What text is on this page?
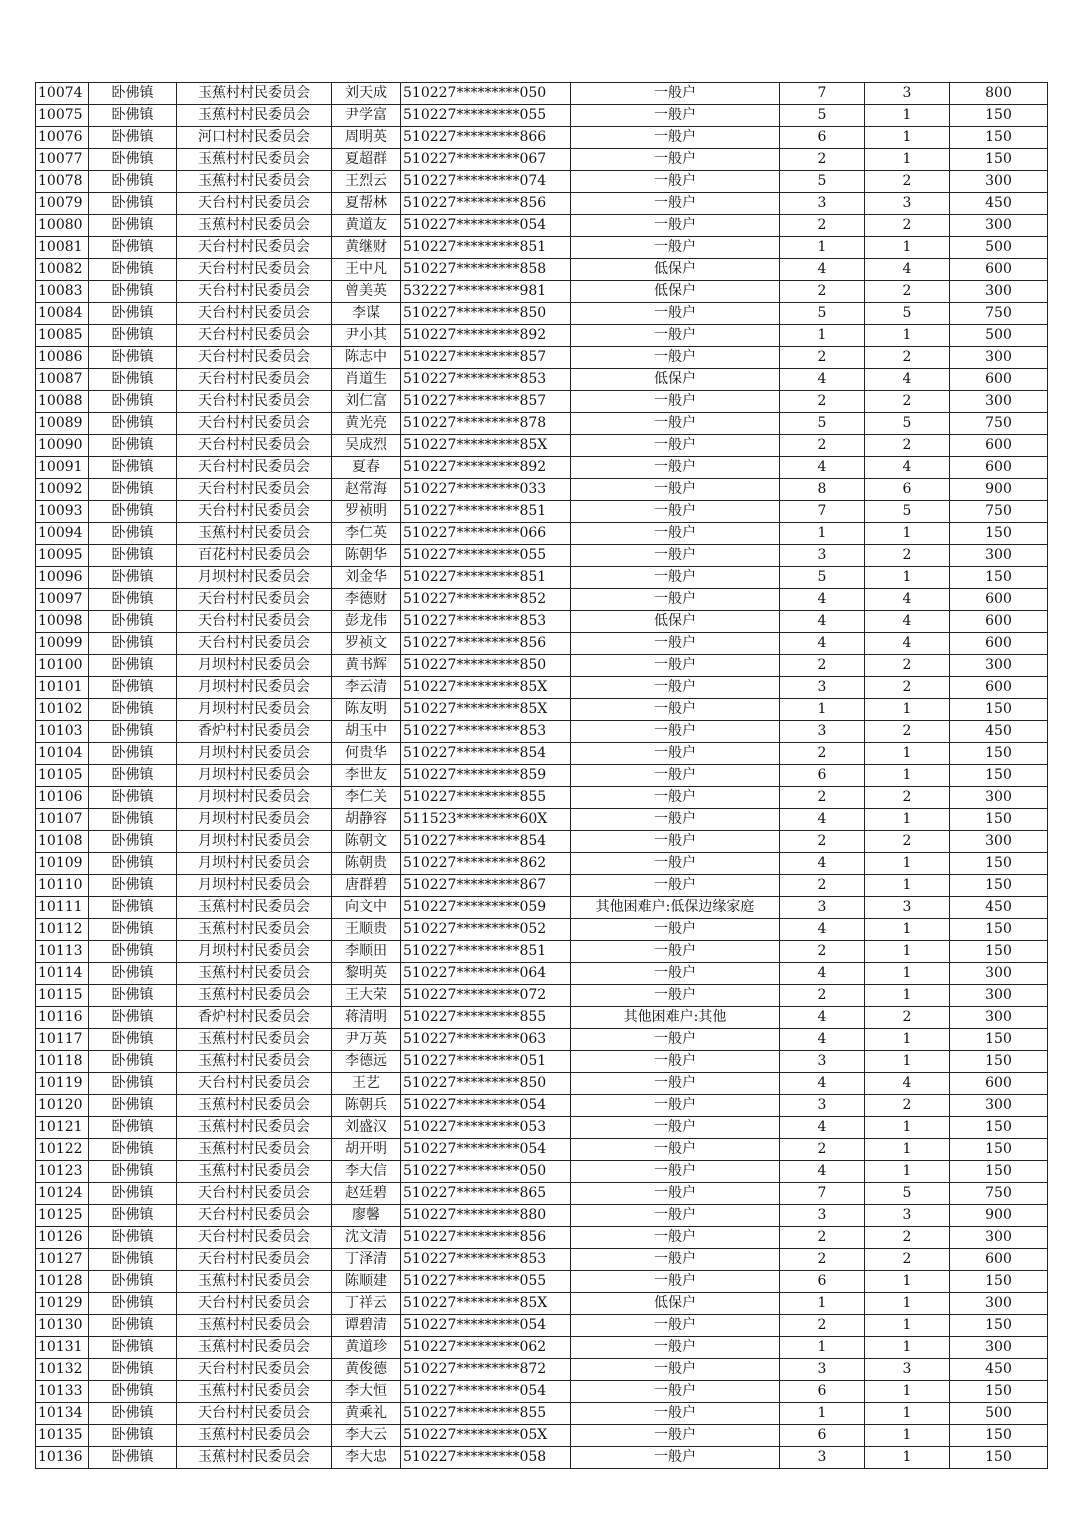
10074	卧佛镇	玉蕉村村民委员会	刘天成	510227*********050	一般户	7	3	800
10075	卧佛镇	玉蕉村村民委员会	尹学富	510227*********055	一般户	5	1	150
10076	卧佛镇	河口村村民委员会	周明英	510227*********866	一般户	6	1	150
10077	卧佛镇	玉蕉村村民委员会	夏超群	510227*********067	一般户	2	1	150
10078	卧佛镇	玉蕉村村民委员会	王烈云	510227*********074	一般户	5	2	300
10079	卧佛镇	天台村村民委员会	夏帮林	510227*********856	一般户	3	3	450
10080	卧佛镇	玉蕉村村民委员会	黄道友	510227*********054	一般户	2	2	300
10081	卧佛镇	天台村村民委员会	黄继财	510227*********851	一般户	1	1	500
10082	卧佛镇	天台村村民委员会	王中凡	510227*********858	低保户	4	4	600
10083	卧佛镇	天台村村民委员会	曾美英	532227*********981	低保户	2	2	300
10084	卧佛镇	天台村村民委员会	李谋	510227*********850	一般户	5	5	750
10085	卧佛镇	天台村村民委员会	尹小其	510227*********892	一般户	1	1	500
10086	卧佛镇	天台村村民委员会	陈志中	510227*********857	一般户	2	2	300
10087	卧佛镇	天台村村民委员会	肖道生	510227*********853	低保户	4	4	600
10088	卧佛镇	天台村村民委员会	刘仁富	510227*********857	一般户	2	2	300
10089	卧佛镇	天台村村民委员会	黄光亮	510227*********878	一般户	5	5	750
10090	卧佛镇	天台村村民委员会	吴成烈	510227*********85X	一般户	2	2	600
10091	卧佛镇	天台村村民委员会	夏春	510227*********892	一般户	4	4	600
10092	卧佛镇	天台村村民委员会	赵常海	510227*********033	一般户	8	6	900
10093	卧佛镇	天台村村民委员会	罗祯明	510227*********851	一般户	7	5	750
10094	卧佛镇	玉蕉村村民委员会	李仁英	510227*********066	一般户	1	1	150
10095	卧佛镇	百花村村民委员会	陈朝华	510227*********055	一般户	3	2	300
10096	卧佛镇	月坝村村民委员会	刘金华	510227*********851	一般户	5	1	150
10097	卧佛镇	天台村村民委员会	李德财	510227*********852	一般户	4	4	600
10098	卧佛镇	天台村村民委员会	彭龙伟	510227*********853	低保户	4	4	600
10099	卧佛镇	天台村村民委员会	罗祯文	510227*********856	一般户	4	4	600
10100	卧佛镇	月坝村村民委员会	黄书辉	510227*********850	一般户	2	2	300
10101	卧佛镇	月坝村村民委员会	李云清	510227*********85X	一般户	3	2	600
10102	卧佛镇	月坝村村民委员会	陈友明	510227*********85X	一般户	1	1	150
10103	卧佛镇	香炉村村民委员会	胡玉中	510227*********853	一般户	3	2	450
10104	卧佛镇	月坝村村民委员会	何贵华	510227*********854	一般户	2	1	150
10105	卧佛镇	月坝村村民委员会	李世友	510227*********859	一般户	6	1	150
10106	卧佛镇	月坝村村民委员会	李仁关	510227*********855	一般户	2	2	300
10107	卧佛镇	月坝村村民委员会	胡静容	511523*********60X	一般户	4	1	150
10108	卧佛镇	月坝村村民委员会	陈朝文	510227*********854	一般户	2	2	300
10109	卧佛镇	月坝村村民委员会	陈朝贵	510227*********862	一般户	4	1	150
10110	卧佛镇	月坝村村民委员会	唐群碧	510227*********867	一般户	2	1	150
10111	卧佛镇	玉蕉村村民委员会	向文中	510227*********059	其他困难户:低保边缘家庭	3	3	450
10112	卧佛镇	玉蕉村村民委员会	王顺贵	510227*********052	一般户	4	1	150
10113	卧佛镇	月坝村村民委员会	李顺田	510227*********851	一般户	2	1	150
10114	卧佛镇	玉蕉村村民委员会	黎明英	510227*********064	一般户	4	1	300
10115	卧佛镇	玉蕉村村民委员会	王大荣	510227*********072	一般户	2	1	300
10116	卧佛镇	香炉村村民委员会	蒋清明	510227*********855	其他困难户:其他	4	2	300
10117	卧佛镇	玉蕉村村民委员会	尹万英	510227*********063	一般户	4	1	150
10118	卧佛镇	玉蕉村村民委员会	李德远	510227*********051	一般户	3	1	150
10119	卧佛镇	天台村村民委员会	王艺	510227*********850	一般户	4	4	600
10120	卧佛镇	玉蕉村村民委员会	陈朝兵	510227*********054	一般户	3	2	300
10121	卧佛镇	玉蕉村村民委员会	刘盛汉	510227*********053	一般户	4	1	150
10122	卧佛镇	玉蕉村村民委员会	胡开明	510227*********054	一般户	2	1	150
10123	卧佛镇	玉蕉村村民委员会	李大信	510227*********050	一般户	4	1	150
10124	卧佛镇	天台村村民委员会	赵廷碧	510227*********865	一般户	7	5	750
10125	卧佛镇	天台村村民委员会	廖馨	510227*********880	一般户	3	3	900
10126	卧佛镇	天台村村民委员会	沈文清	510227*********856	一般户	2	2	300
10127	卧佛镇	天台村村民委员会	丁泽清	510227*********853	一般户	2	2	600
10128	卧佛镇	玉蕉村村民委员会	陈顺建	510227*********055	一般户	6	1	150
10129	卧佛镇	天台村村民委员会	丁祥云	510227*********85X	低保户	1	1	300
10130	卧佛镇	玉蕉村村民委员会	谭碧清	510227*********054	一般户	2	1	150
10131	卧佛镇	玉蕉村村民委员会	黄道珍	510227*********062	一般户	1	1	300
10132	卧佛镇	天台村村民委员会	黄俊德	510227*********872	一般户	3	3	450
10133	卧佛镇	玉蕉村村民委员会	李大恒	510227*********054	一般户	6	1	150
10134	卧佛镇	天台村村民委员会	黄乘礼	510227*********855	一般户	1	1	500
10135	卧佛镇	玉蕉村村民委员会	李大云	510227*********05X	一般户	6	1	150
10136	卧佛镇	玉蕉村村民委员会	李大忠	510227*********058	一般户	3	1	150
